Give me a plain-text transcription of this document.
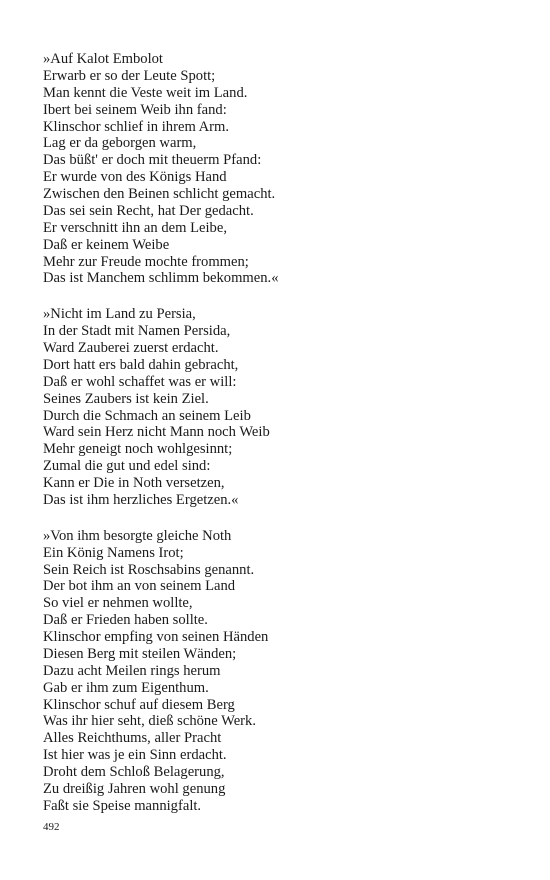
»Auf Kalot Embolot
Erwarb er so der Leute Spott;
Man kennt die Veste weit im Land.
Ibert bei seinem Weib ihn fand:
Klinschor schlief in ihrem Arm.
Lag er da geborgen warm,
Das büßt' er doch mit theuerm Pfand:
Er wurde von des Königs Hand
Zwischen den Beinen schlicht gemacht.
Das sei sein Recht, hat Der gedacht.
Er verschnitt ihn an dem Leibe,
Daß er keinem Weibe
Mehr zur Freude mochte frommen;
Das ist Manchem schlimm bekommen.«
»Nicht im Land zu Persia,
In der Stadt mit Namen Persida,
Ward Zauberei zuerst erdacht.
Dort hatt ers bald dahin gebracht,
Daß er wohl schaffet was er will:
Seines Zaubers ist kein Ziel.
Durch die Schmach an seinem Leib
Ward sein Herz nicht Mann noch Weib
Mehr geneigt noch wohlgesinnt;
Zumal die gut und edel sind:
Kann er Die in Noth versetzen,
Das ist ihm herzliches Ergetzen.«
»Von ihm besorgte gleiche Noth
Ein König Namens Irot;
Sein Reich ist Roschsabins genannt.
Der bot ihm an von seinem Land
So viel er nehmen wollte,
Daß er Frieden haben sollte.
Klinschor empfing von seinen Händen
Diesen Berg mit steilen Wänden;
Dazu acht Meilen rings herum
Gab er ihm zum Eigenthum.
Klinschor schuf auf diesem Berg
Was ihr hier seht, dieß schöne Werk.
Alles Reichthums, aller Pracht
Ist hier was je ein Sinn erdacht.
Droht dem Schloß Belagerung,
Zu dreißig Jahren wohl genung
Faßt sie Speise mannigfalt.
492
